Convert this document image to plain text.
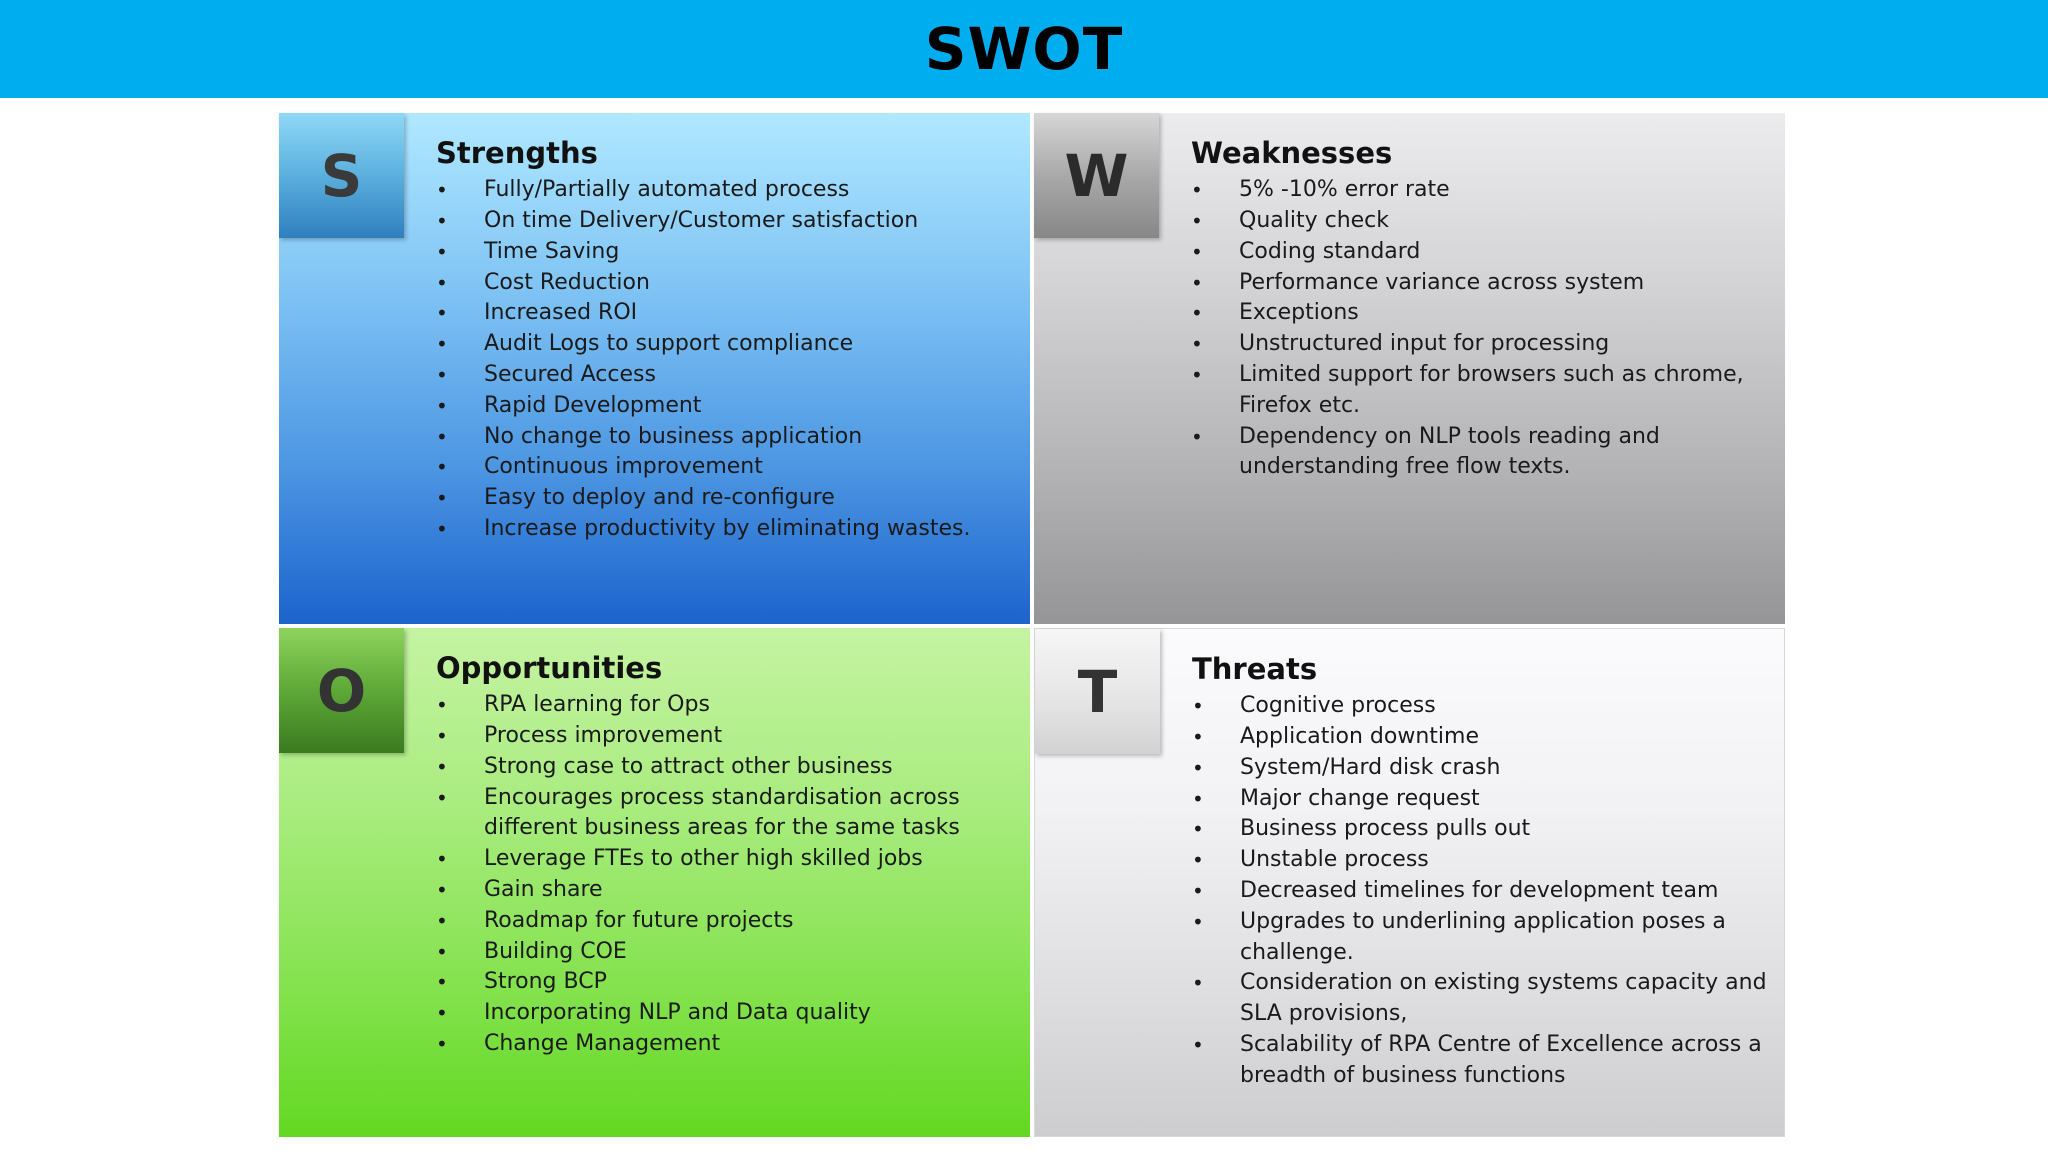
SWOT
S	Strengths
• Fully/Partially automated process
• On time Delivery/Customer satisfaction
• Time Saving
• Cost Reduction
• Increased ROI
• Audit Logs to support compliance
• Secured Access
• Rapid Development
• No change to business application
• Continuous improvement
• Easy to deploy and re-configure
• Increase productivity by eliminating wastes.
W	Weaknesses
• 5% -10% error rate
• Quality check
• Coding standard
• Performance variance across system
• Exceptions
• Unstructured input for processing
• Limited support for browsers such as chrome, Firefox etc.
• Dependency on NLP tools reading and understanding free flow texts.
O	Opportunities
• RPA learning for Ops
• Process improvement
• Strong case to attract other business
• Encourages process standardisation across different business areas for the same tasks
• Leverage FTEs to other high skilled jobs
• Gain share
• Roadmap for future projects
• Building COE
• Strong BCP
• Incorporating NLP and Data quality
• Change Management
T	Threats
• Cognitive process
• Application downtime
• System/Hard disk crash
• Major change request
• Business process pulls out
• Unstable process
• Decreased timelines for development team
• Upgrades to underlining application poses a challenge.
• Consideration on existing systems capacity and SLA provisions,
• Scalability of RPA Centre of Excellence across a breadth of business functions
